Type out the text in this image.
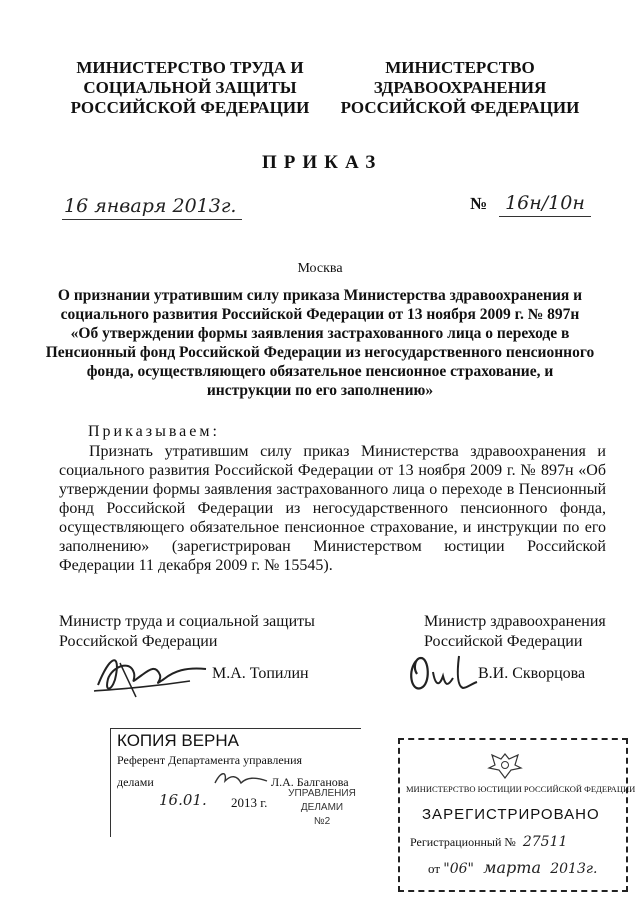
МИНИСТЕРСТВО ТРУДА И
СОЦИАЛЬНОЙ ЗАЩИТЫ
РОССИЙСКОЙ ФЕДЕРАЦИИ
МИНИСТЕРСТВО
ЗДРАВООХРАНЕНИЯ
РОССИЙСКОЙ ФЕДЕРАЦИИ
ПРИКАЗ
16 января 2013г.	№ 16н/10н
Москва
О признании утратившим силу приказа Министерства здравоохранения и
социального развития Российской Федерации от 13 ноября 2009 г. № 897н
«Об утверждении формы заявления застрахованного лица о переходе в
Пенсионный фонд Российской Федерации из негосударственного пенсионного
фонда, осуществляющего обязательное пенсионное страхование, и
инструкции по его заполнению»
Приказываем:
Признать утратившим силу приказ Министерства здравоохранения и социального развития Российской Федерации от 13 ноября 2009 г. № 897н «Об утверждении формы заявления застрахованного лица о переходе в Пенсионный фонд Российской Федерации из негосударственного пенсионного фонда, осуществляющего обязательное пенсионное страхование, и инструкции по его заполнению» (зарегистрирован Министерством юстиции Российской Федерации 11 декабря 2009 г. № 15545).
Министр труда и социальной защиты
Российской Федерации
Министр здравоохранения
Российской Федерации
М.А. Топилин	В.И. Скворцова
КОПИЯ ВЕРНА
Референт Департамента управления
делами	Л.А. Балганова
16.01. 2013 г.
УПРАВЛЕНИЯ
ДЕЛАМИ
№2
МИНИСТЕРСТВО ЮСТИЦИИ РОССИЙСКОЙ ФЕДЕРАЦИИ
ЗАРЕГИСТРИРОВАНО
Регистрационный № 27511
от "06" марта 2013г.
